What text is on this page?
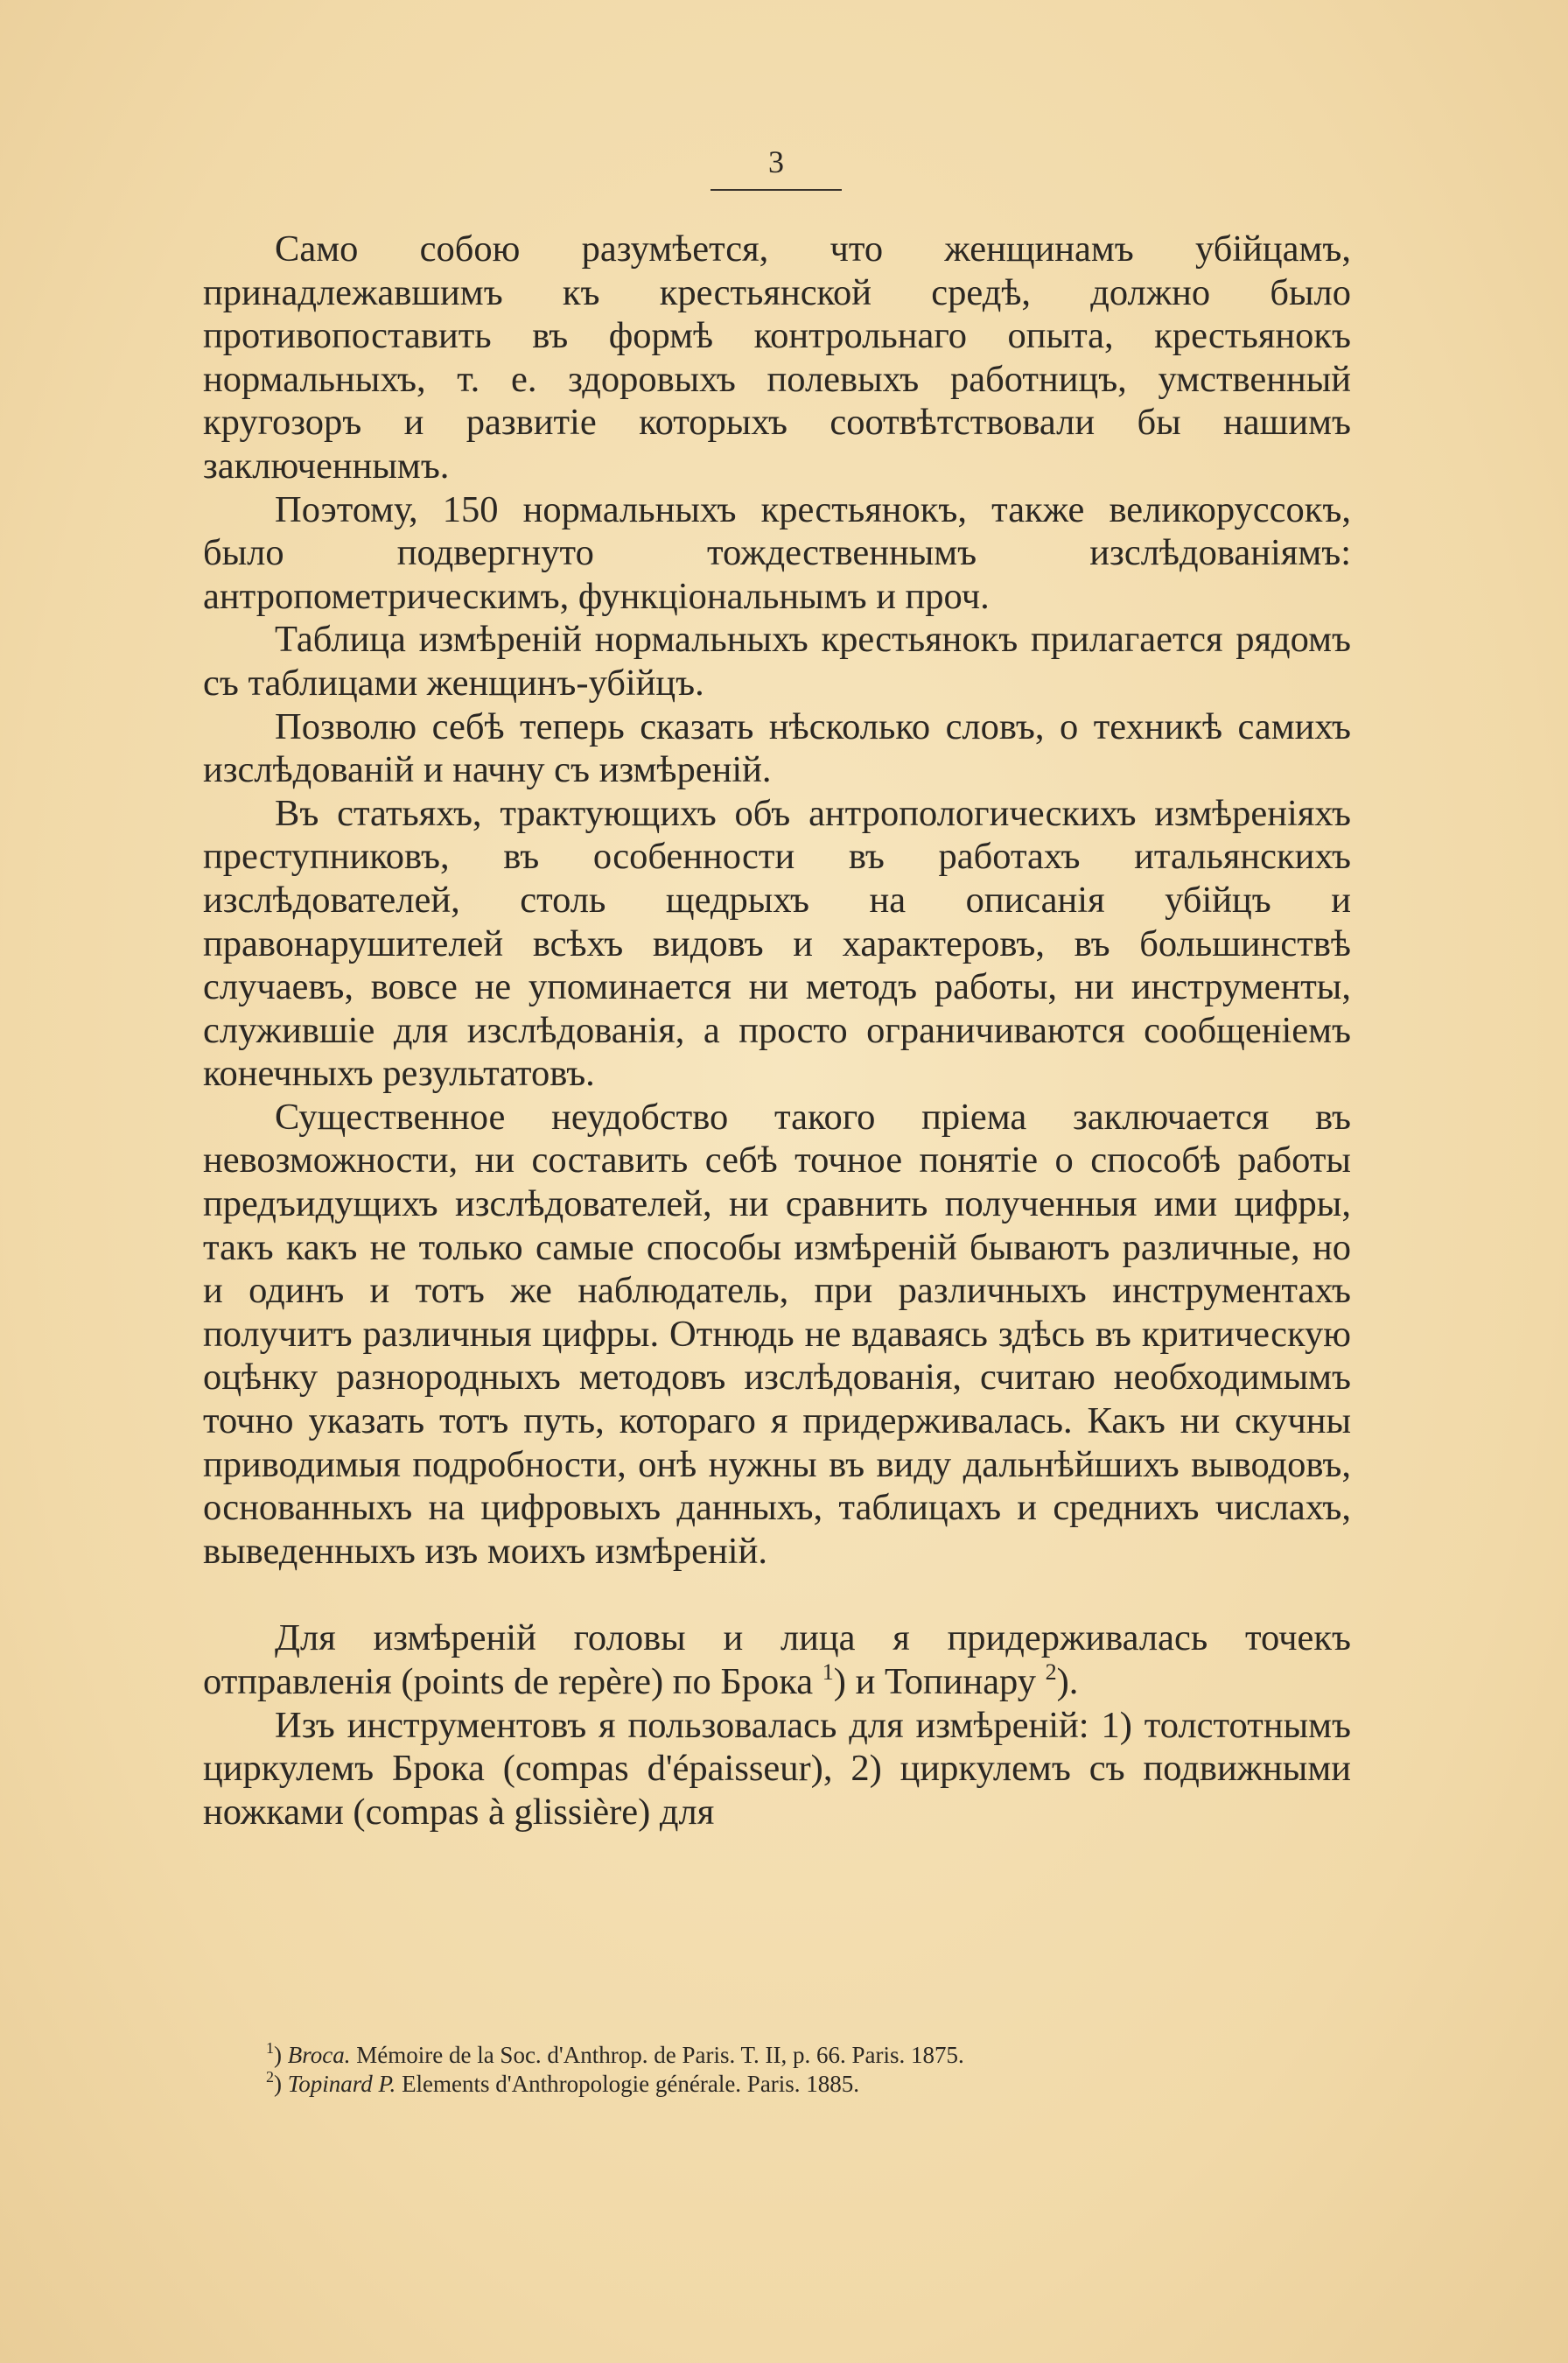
3

Само собою разумѣется, что женщинамъ убійцамъ, принадлежавшимъ къ крестьянской средѣ, должно было противопоставить въ формѣ контрольнаго опыта, крестьянокъ нормальныхъ, т. е. здоровыхъ полевыхъ работницъ, умственный кругозоръ и развитіе которыхъ соотвѣтствовали бы нашимъ заключеннымъ.

Поэтому, 150 нормальныхъ крестьянокъ, также великоруссокъ, было подвергнуто тождественнымъ изслѣдованіямъ: антропометрическимъ, функціональнымъ и проч.

Таблица измѣреній нормальныхъ крестьянокъ прилагается рядомъ съ таблицами женщинъ-убійцъ.

Позволю себѣ теперь сказать нѣсколько словъ, о техникѣ самихъ изслѣдованій и начну съ измѣреній.

Въ статьяхъ, трактующихъ объ антропологическихъ измѣреніяхъ преступниковъ, въ особенности въ работахъ итальянскихъ изслѣдователей, столь щедрыхъ на описанія убійцъ и правонарушителей всѣхъ видовъ и характеровъ, въ большинствѣ случаевъ, вовсе не упоминается ни методъ работы, ни инструменты, служившіе для изслѣдованія, а просто ограничиваются сообщеніемъ конечныхъ результатовъ.

Существенное неудобство такого пріема заключается въ невозможности, ни составить себѣ точное понятіе о способѣ работы предъидущихъ изслѣдователей, ни сравнить полученныя ими цифры, такъ какъ не только самые способы измѣреній бываютъ различные, но и одинъ и тотъ же наблюдатель, при различныхъ инструментахъ получитъ различныя цифры. Отнюдь не вдаваясь здѣсь въ критическую оцѣнку разнородныхъ методовъ изслѣдованія, считаю необходимымъ точно указать тотъ путь, котораго я придерживалась. Какъ ни скучны приводимыя подробности, онѣ нужны въ виду дальнѣйшихъ выводовъ, основанныхъ на цифровыхъ данныхъ, таблицахъ и среднихъ числахъ, выведенныхъ изъ моихъ измѣреній.

Для измѣреній головы и лица я придерживалась точекъ отправленія (points de repère) по Брока $^1$) и Топинару $^2$).

Изъ инструментовъ я пользовалась для измѣреній: 1) толстотнымъ циркулемъ Брока (compas d'épaisseur), 2) циркулемъ съ подвижными ножками (compas à glissière) для

$^1$) Broca. Mémoire de la Soc. d'Anthrop. de Paris. T. II, p. 66. Paris. 1875.

$^2$) Topinard P. Elements d'Anthropologie générale. Paris. 1885.
